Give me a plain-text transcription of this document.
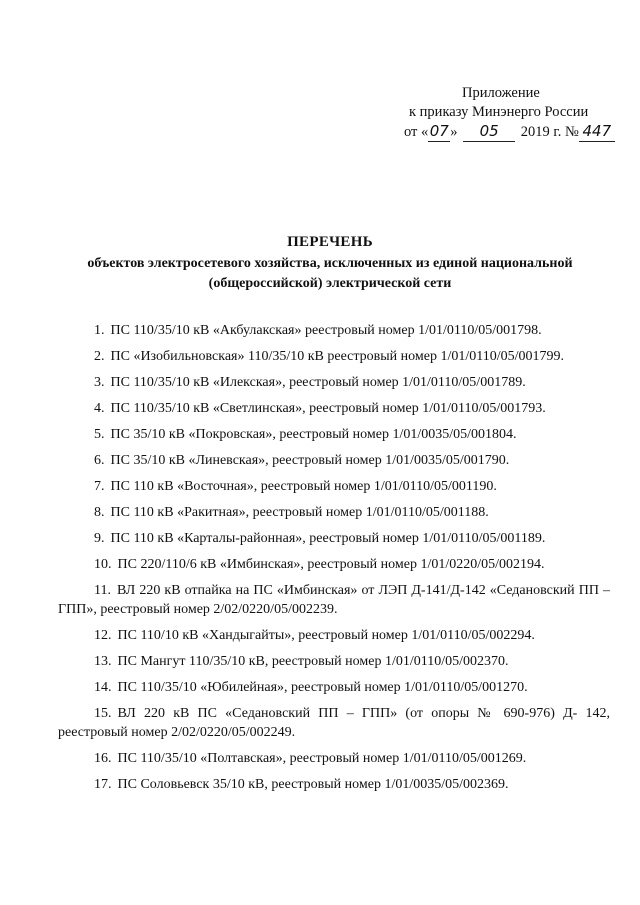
Приложение
к приказу Минэнерго России
от «07» 05 2019 г. № 447
ПЕРЕЧЕНЬ
объектов электросетевого хозяйства, исключенных из единой национальной
(общероссийской) электрической сети
1. ПС 110/35/10 кВ «Акбулакская» реестровый номер 1/01/0110/05/001798.
2. ПС «Изобильновская» 110/35/10 кВ реестровый номер 1/01/0110/05/001799.
3. ПС 110/35/10 кВ «Илекская», реестровый номер 1/01/0110/05/001789.
4. ПС 110/35/10 кВ «Светлинская», реестровый номер 1/01/0110/05/001793.
5. ПС 35/10 кВ «Покровская», реестровый номер 1/01/0035/05/001804.
6. ПС 35/10 кВ «Линевская», реестровый номер 1/01/0035/05/001790.
7. ПС 110 кВ «Восточная», реестровый номер 1/01/0110/05/001190.
8. ПС 110 кВ «Ракитная», реестровый номер 1/01/0110/05/001188.
9. ПС 110 кВ «Карталы-районная», реестровый номер 1/01/0110/05/001189.
10. ПС 220/110/6 кВ «Имбинская», реестровый номер 1/01/0220/05/002194.
11. ВЛ 220 кВ отпайка на ПС «Имбинская» от ЛЭП Д-141/Д-142 «Седановский ПП – ГПП», реестровый номер 2/02/0220/05/002239.
12. ПС 110/10 кВ «Хандыгайты», реестровый номер 1/01/0110/05/002294.
13. ПС Мангут 110/35/10 кВ, реестровый номер 1/01/0110/05/002370.
14. ПС 110/35/10 «Юбилейная», реестровый номер 1/01/0110/05/001270.
15. ВЛ 220 кВ ПС «Седановский ПП – ГПП» (от опоры № 690-976) Д- 142, реестровый номер 2/02/0220/05/002249.
16. ПС 110/35/10 «Полтавская», реестровый номер 1/01/0110/05/001269.
17. ПС Соловьевск 35/10 кВ, реестровый номер 1/01/0035/05/002369.
